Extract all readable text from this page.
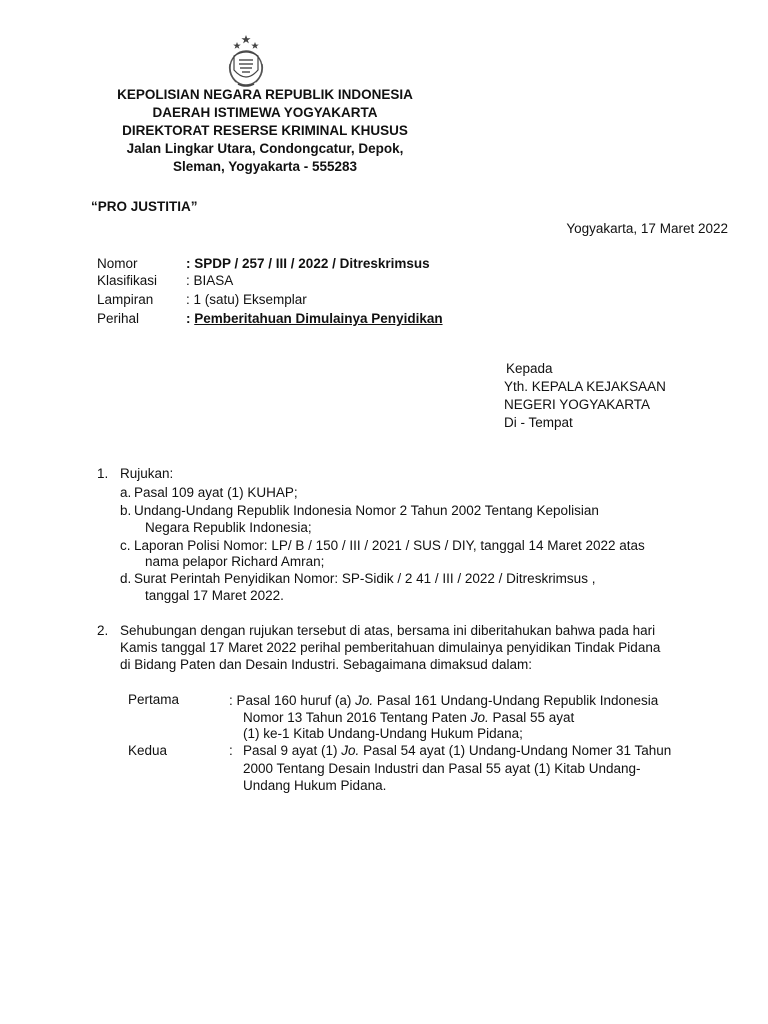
KEPOLISIAN NEGARA REPUBLIK INDONESIA
DAERAH ISTIMEWA YOGYAKARTA
DIREKTORAT RESERSE KRIMINAL KHUSUS
Jalan Lingkar Utara, Condongcatur, Depok,
Sleman, Yogyakarta - 555283
“PRO JUSTITIA”
Yogyakarta, 17 Maret 2022
Nomor	: SPDP / 257 / III / 2022 / Ditreskrimsus
Klasifikasi : BIASA
Lampiran : 1 (satu) Eksemplar
Perihal	: Pemberitahuan Dimulainya Penyidikan
Kepada
Yth. KEPALA KEJAKSAAN
NEGERI YOGYAKARTA
Di - Tempat
1. Rujukan:
a. Pasal 109 ayat (1) KUHAP;
b. Undang-Undang Republik Indonesia Nomor 2 Tahun 2002 Tentang Kepolisian
Negara Republik Indonesia;
c. Laporan Polisi Nomor: LP/ B / 150 / III / 2021 / SUS / DIY, tanggal 14 Maret 2022 atas
nama pelapor Richard Amran;
d. Surat Perintah Penyidikan Nomor: SP-Sidik / 2 41 / III / 2022 / Ditreskrimsus ,
tanggal 17 Maret 2022.
2. Sehubungan dengan rujukan tersebut di atas, bersama ini diberitahukan bahwa pada hari
Kamis tanggal 17 Maret 2022 perihal pemberitahuan dimulainya penyidikan Tindak Pidana
di Bidang Paten dan Desain Industri. Sebagaimana dimaksud dalam:
Pertama	: Pasal 160 huruf (a) Jo. Pasal 161 Undang-Undang Republik Indonesia
Nomor 13 Tahun 2016 Tentang Paten Jo. Pasal 55 ayat
(1) ke-1 Kitab Undang-Undang Hukum Pidana;
Kedua	: Pasal 9 ayat (1) Jo. Pasal 54 ayat (1) Undang-Undang Nomer 31 Tahun
2000 Tentang Desain Industri dan Pasal 55 ayat (1) Kitab Undang-
Undang Hukum Pidana.
